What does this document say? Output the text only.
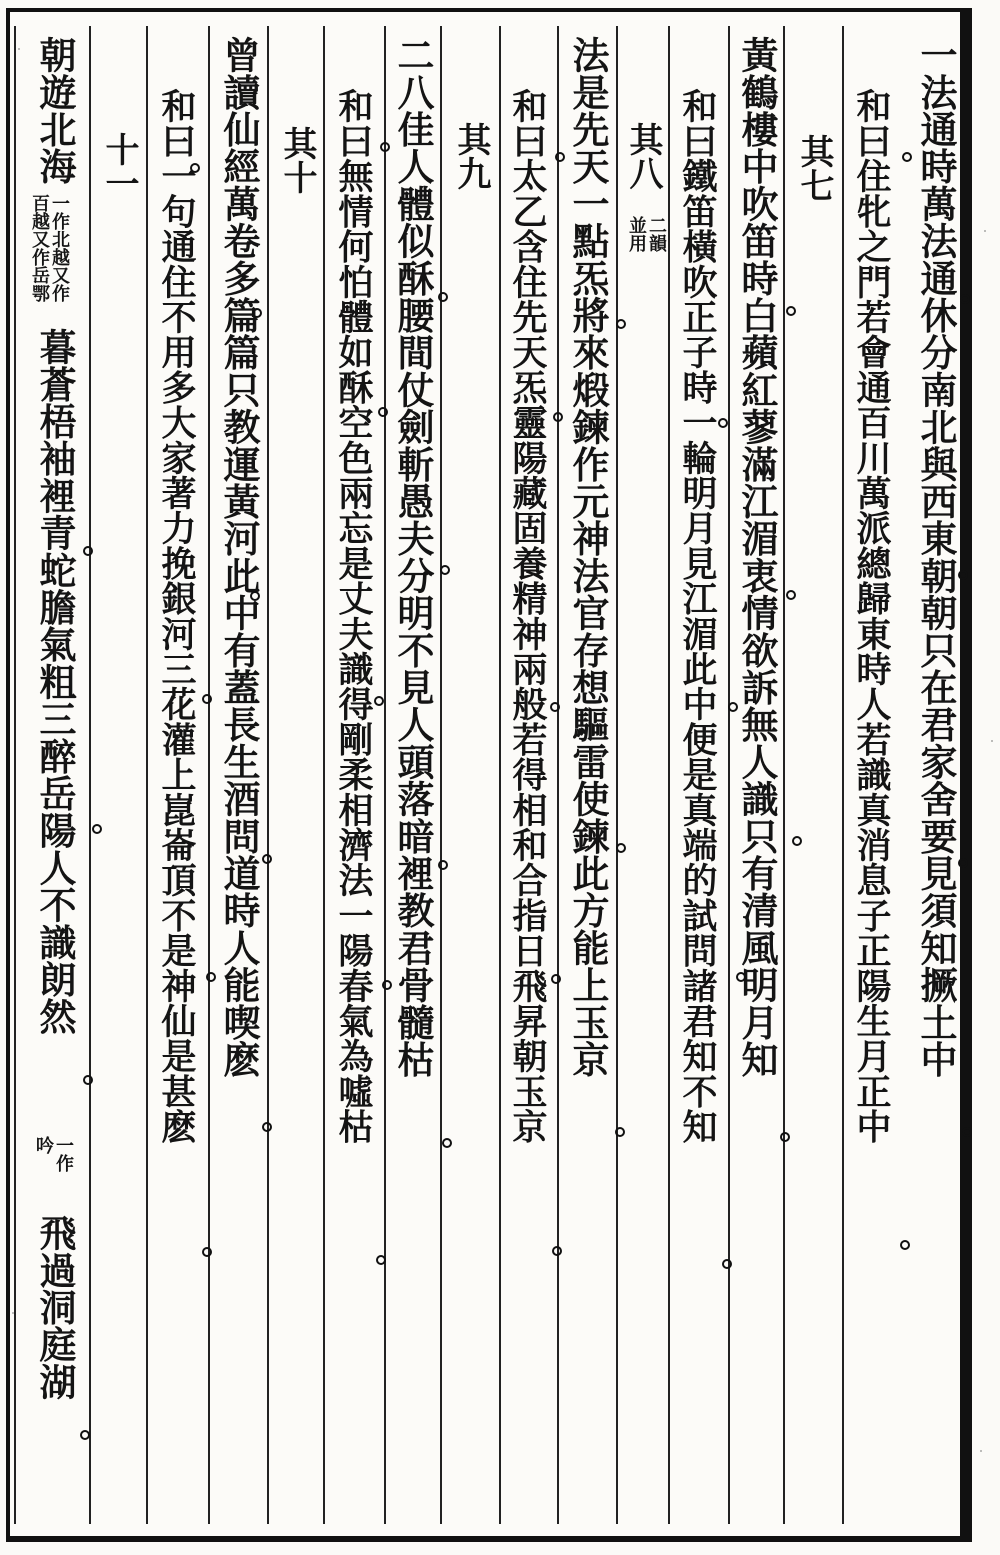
一法通時萬法通休分南北與西東朝朝只在君家舍要見須知撅土中
和曰住牝之門若會通百川萬派總歸東時人若識真消息子正陽生月正中
其七
黃鶴樓中吹笛時白蘋紅蓼滿江湄衷情欲訴無人識只有清風明月知
和曰鐵笛橫吹正子時一輪明月見江湄此中便是真端的試問諸君知不知
其八
二韻
並用
法是先天一點炁將來煅鍊作元神法官存想驅雷使鍊此方能上玉京
和曰太乙含住先天炁靈陽藏固養精神兩般若得相和合指日飛昇朝玉京
其九
二八佳人體似酥腰間仗劍斬愚夫分明不見人頭落暗裡教君骨髓枯
和曰無情何怕體如酥空色兩忘是丈夫識得剛柔相濟法一陽春氣為噓枯
其十
曾讀仙經萬卷多篇篇只教運黃河此中有蓋長生酒問道時人能喫麽
和曰一句通住不用多大家著力挽銀河三花灌上崑崙頂不是神仙是甚麽
十一
朝遊北海
一作北越又作
百越又作岳鄂
暮蒼梧袖裡青蛇膽氣粗三醉岳陽人不識朗然
一作
吟
飛過洞庭湖
